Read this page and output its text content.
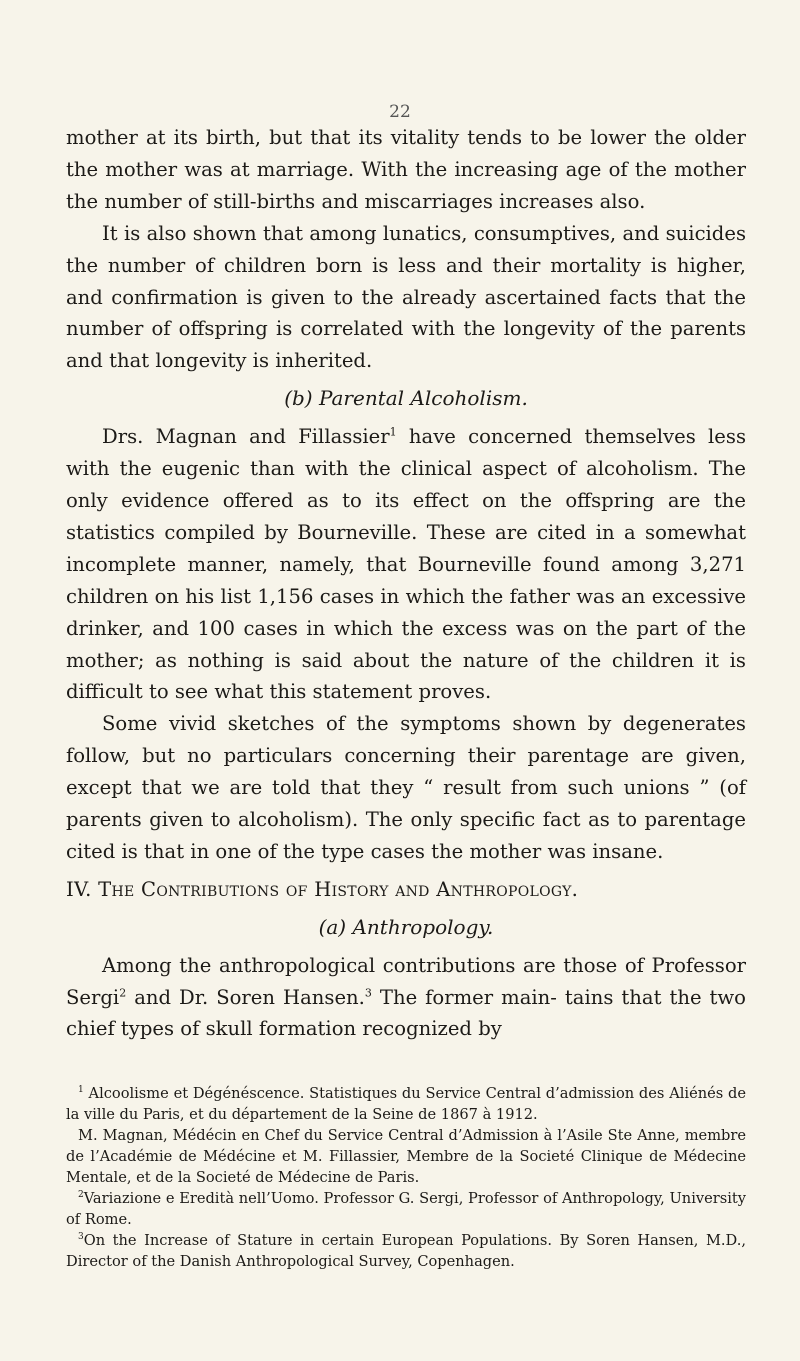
22

mother at its birth, but that its vitality tends to be lower the older the mother was at marriage. With the increasing age of the mother the number of still-births and miscarriages increases also.

It is also shown that among lunatics, consumptives, and suicides the number of children born is less and their mortality is higher, and confirmation is given to the already ascertained facts that the number of offspring is correlated with the longevity of the parents and that longevity is inherited.

(b) Parental Alcoholism.

Drs. Magnan and Fillassier$^1$ have concerned themselves less with the eugenic than with the clinical aspect of alcoholism. The only evidence offered as to its effect on the offspring are the statistics compiled by Bourneville. These are cited in a somewhat incomplete manner, namely, that Bourneville found among 3,271 children on his list 1,156 cases in which the father was an excessive drinker, and 100 cases in which the excess was on the part of the mother; as nothing is said about the nature of the children it is difficult to see what this statement proves.

Some vivid sketches of the symptoms shown by degenerates follow, but no particulars concerning their parentage are given, except that we are told that they “ result from such unions ” (of parents given to alcoholism). The only specific fact as to parentage cited is that in one of the type cases the mother was insane.

IV. The Contributions of History and Anthropology.
(a) Anthropology.

Among the anthropological contributions are those of Professor Sergi$^2$ and Dr. Soren Hansen.$^3$ The former main- tains that the two chief types of skull formation recognized by

$^1$ Alcoolisme et Dégénéscence. Statistiques du Service Central d’admission des Aliénés de la ville du Paris, et du département de la Seine de 1867 à 1912.

M. Magnan, Médécin en Chef du Service Central d’Admission à l’Asile Ste Anne, membre de l’Académie de Médécine et M. Fillassier, Membre de la Societé Clinique de Médecine Mentale, et de la Societé de Médecine de Paris.

$^2$Variazione e Eredità nell’Uomo. Professor G. Sergi, Professor of Anthropology, University of Rome.

$^3$On the Increase of Stature in certain European Populations. By Soren Hansen, M.D., Director of the Danish Anthropological Survey, Copenhagen.
